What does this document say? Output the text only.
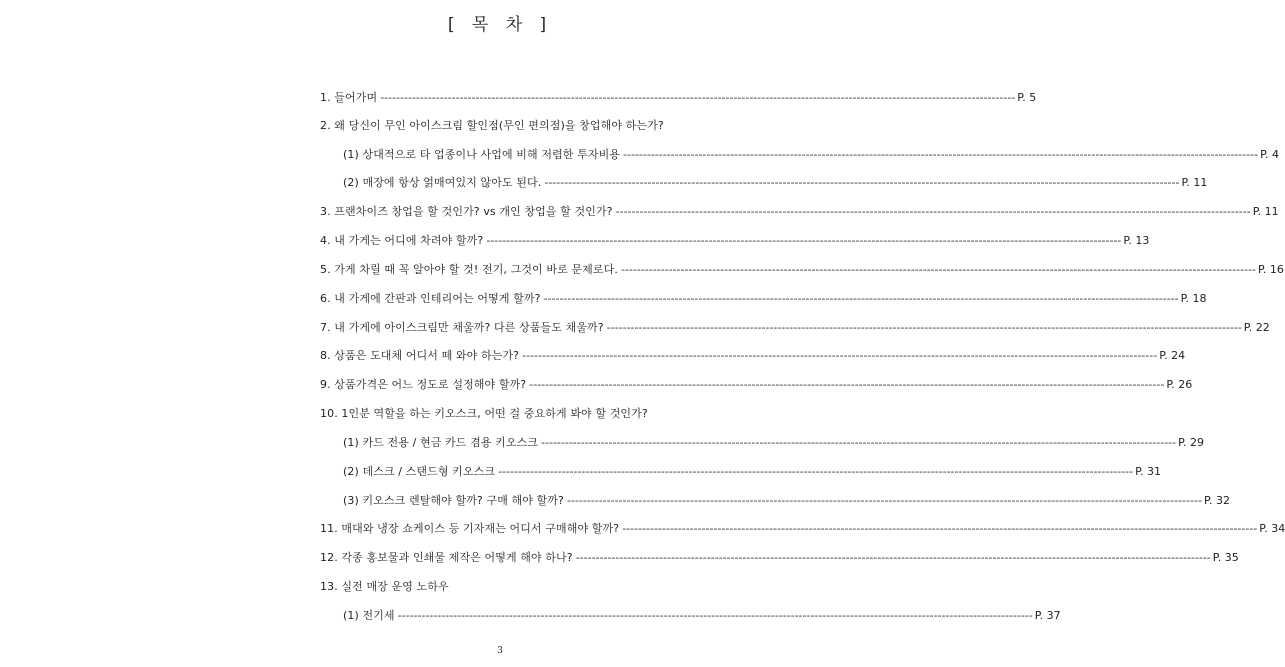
[ 목 차 ]
1. 들어가며 ---------------------------------------------------------------------------------------------------------------------------------------------------------------- P. 5
2. 왜 당신이 무인 아이스크림 할인점(무인 편의점)을 창업해야 하는가?
(1) 상대적으로 타 업종이나 사업에 비해 저렴한 투자비용 ---------------------------------------------------------------------------------------------------------------------------------------------------------------- P. 4
(2) 매장에 항상 얽매여있지 않아도 된다. ---------------------------------------------------------------------------------------------------------------------------------------------------------------- P. 11
3. 프랜차이즈 창업을 할 것인가? vs 개인 창업을 할 것인가? ---------------------------------------------------------------------------------------------------------------------------------------------------------------- P. 11
4. 내 가게는 어디에 차려야 할까? ---------------------------------------------------------------------------------------------------------------------------------------------------------------- P. 13
5. 가게 차릴 때 꼭 알아야 할 것! 전기, 그것이 바로 문제로다. ---------------------------------------------------------------------------------------------------------------------------------------------------------------- P. 16
6. 내 가게에 간판과 인테리어는 어떻게 할까? ---------------------------------------------------------------------------------------------------------------------------------------------------------------- P. 18
7. 내 가게에 아이스크림만 채울까? 다른 상품들도 채울까? ---------------------------------------------------------------------------------------------------------------------------------------------------------------- P. 22
8. 상품은 도대체 어디서 떼 와야 하는가? ---------------------------------------------------------------------------------------------------------------------------------------------------------------- P. 24
9. 상품가격은 어느 정도로 설정해야 할까? ---------------------------------------------------------------------------------------------------------------------------------------------------------------- P. 26
10. 1인분 역할을 하는 키오스크, 어떤 걸 중요하게 봐야 할 것인가?
(1) 카드 전용 / 현금 카드 겸용 키오스크 ---------------------------------------------------------------------------------------------------------------------------------------------------------------- P. 29
(2) 데스크 / 스탠드형 키오스크 ---------------------------------------------------------------------------------------------------------------------------------------------------------------- P. 31
(3) 키오스크 렌탈해야 할까? 구매 해야 할까? ---------------------------------------------------------------------------------------------------------------------------------------------------------------- P. 32
11. 매대와 냉장 쇼케이스 등 기자재는 어디서 구매해야 할까? ---------------------------------------------------------------------------------------------------------------------------------------------------------------- P. 34
12. 각종 홍보물과 인쇄물 제작은 어떻게 해야 하나? ---------------------------------------------------------------------------------------------------------------------------------------------------------------- P. 35
13. 실전 매장 운영 노하우
(1) 전기세 ---------------------------------------------------------------------------------------------------------------------------------------------------------------- P. 37
3
